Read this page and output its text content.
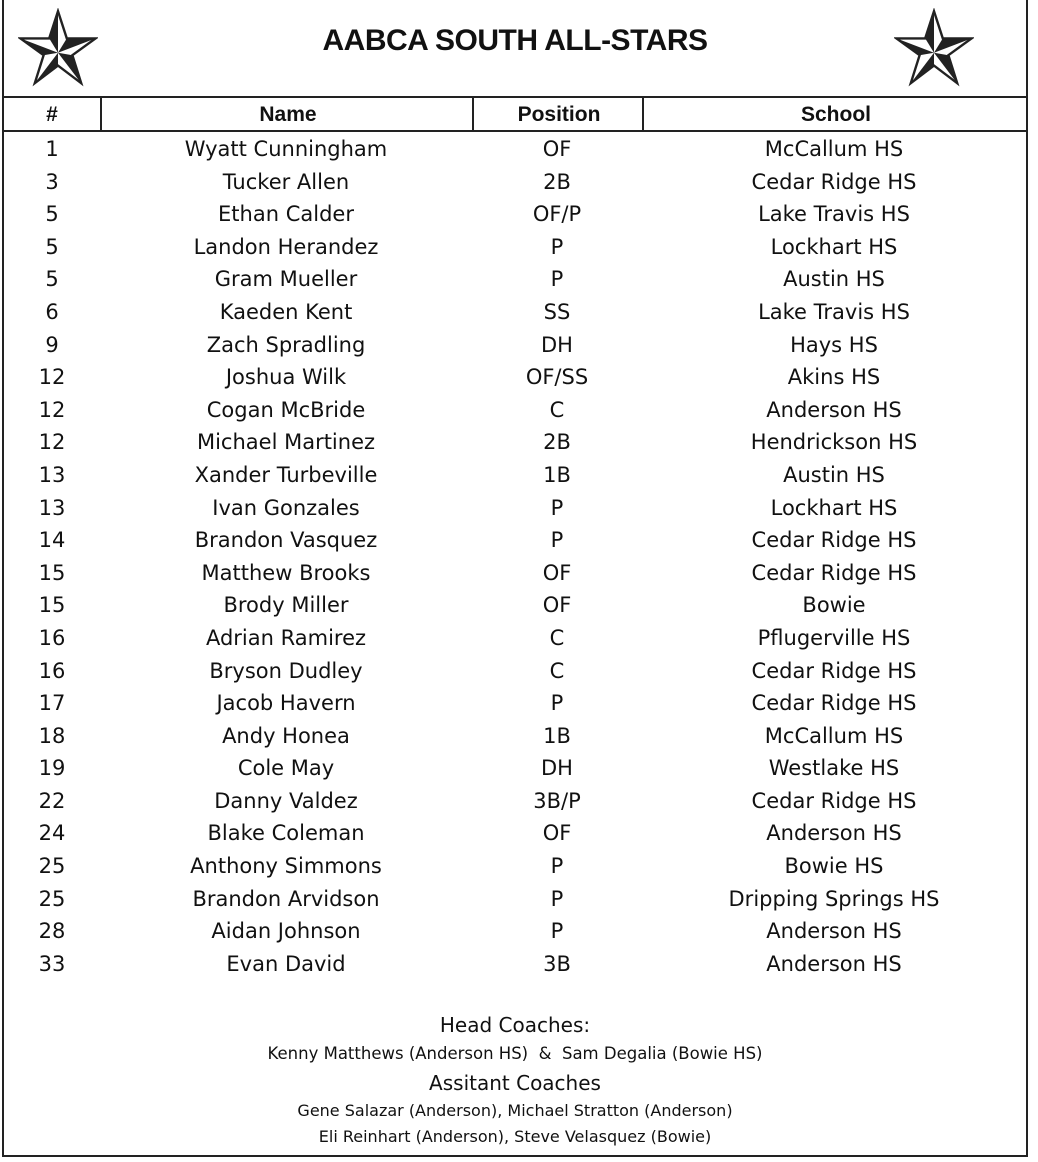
AABCA SOUTH ALL-STARS
#	Name	Position	School
1	Wyatt Cunningham	OF	McCallum HS
3	Tucker Allen	2B	Cedar Ridge HS
5	Ethan Calder	OF/P	Lake Travis HS
5	Landon Herandez	P	Lockhart HS
5	Gram Mueller	P	Austin HS
6	Kaeden Kent	SS	Lake Travis HS
9	Zach Spradling	DH	Hays HS
12	Joshua Wilk	OF/SS	Akins HS
12	Cogan McBride	C	Anderson HS
12	Michael Martinez	2B	Hendrickson HS
13	Xander Turbeville	1B	Austin HS
13	Ivan Gonzales	P	Lockhart HS
14	Brandon Vasquez	P	Cedar Ridge HS
15	Matthew Brooks	OF	Cedar Ridge HS
15	Brody Miller	OF	Bowie
16	Adrian Ramirez	C	Pflugerville HS
16	Bryson Dudley	C	Cedar Ridge HS
17	Jacob Havern	P	Cedar Ridge HS
18	Andy Honea	1B	McCallum HS
19	Cole May	DH	Westlake HS
22	Danny Valdez	3B/P	Cedar Ridge HS
24	Blake Coleman	OF	Anderson HS
25	Anthony Simmons	P	Bowie HS
25	Brandon Arvidson	P	Dripping Springs HS
28	Aidan Johnson	P	Anderson HS
33	Evan David	3B	Anderson HS
Head Coaches:
Kenny Matthews (Anderson HS)  &  Sam Degalia (Bowie HS)
Assitant Coaches
Gene Salazar (Anderson), Michael Stratton (Anderson)
Eli Reinhart (Anderson), Steve Velasquez (Bowie)
